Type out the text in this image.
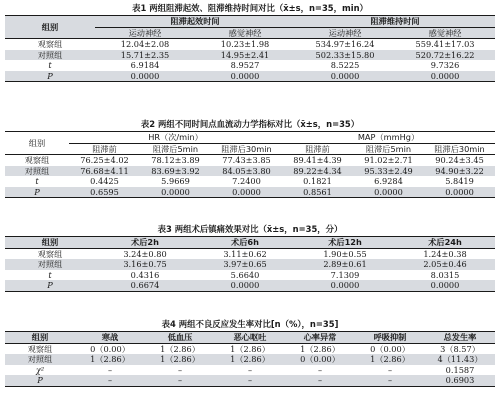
表1 两组阻滞起效、阻滞维持时间对比（x̄±s，n=35，min）
组别	阻滞起效时间		阻滞维持时间	
	运动神经	感觉神经	运动神经	感觉神经
观察组	12.04±2.08	10.23±1.98	534.97±16.24	559.41±17.03
对照组	15.71±2.35	14.95±2.41	502.33±15.80	520.72±16.22
t	6.9184	8.9527	8.5225	9.7326
P	0.0000	0.0000	0.0000	0.0000
表2 两组不同时间点血流动力学指标对比（x̄±s，n=35）
组别	HR（次/min）			MAP（mmHg）		
	阻滞前	阻滞后5min	阻滞后30min	阻滞前	阻滞后5min	阻滞后30min
观察组	76.25±4.02	78.12±3.89	77.43±3.85	89.41±4.39	91.02±2.71	90.24±3.45
对照组	76.68±4.11	83.69±3.92	84.05±3.80	89.22±4.34	95.33±2.49	94.90±3.22
t	0.4425	5.9669	7.2400	0.1821	6.9284	5.8419
P	0.6595	0.0000	0.0000	0.8561	0.0000	0.0000
表3 两组术后镇痛效果对比（x̄±s，n=35，分）
组别	术后2h	术后6h	术后12h	术后24h
观察组	3.24±0.80	3.11±0.62	1.90±0.55	1.24±0.38
对照组	3.16±0.75	3.97±0.65	2.89±0.61	2.05±0.46
t	0.4316	5.6640	7.1309	8.0315
P	0.6674	0.0000	0.0000	0.0000
表4 两组不良反应发生率对比[n（%），n=35]
组别	寒战	低血压	恶心呕吐	心率异常	呼吸抑制	总发生率
观察组	0（0.00）	1（2.86）	1（2.86）	1（2.86）	0（0.00）	3（8.57）
对照组	1（2.86）	1（2.86）	1（2.86）	0（0.00）	1（2.86）	4（11.43）
χ²	–	–	–	–	–	0.1587
P	–	–	–	–	–	0.6903
